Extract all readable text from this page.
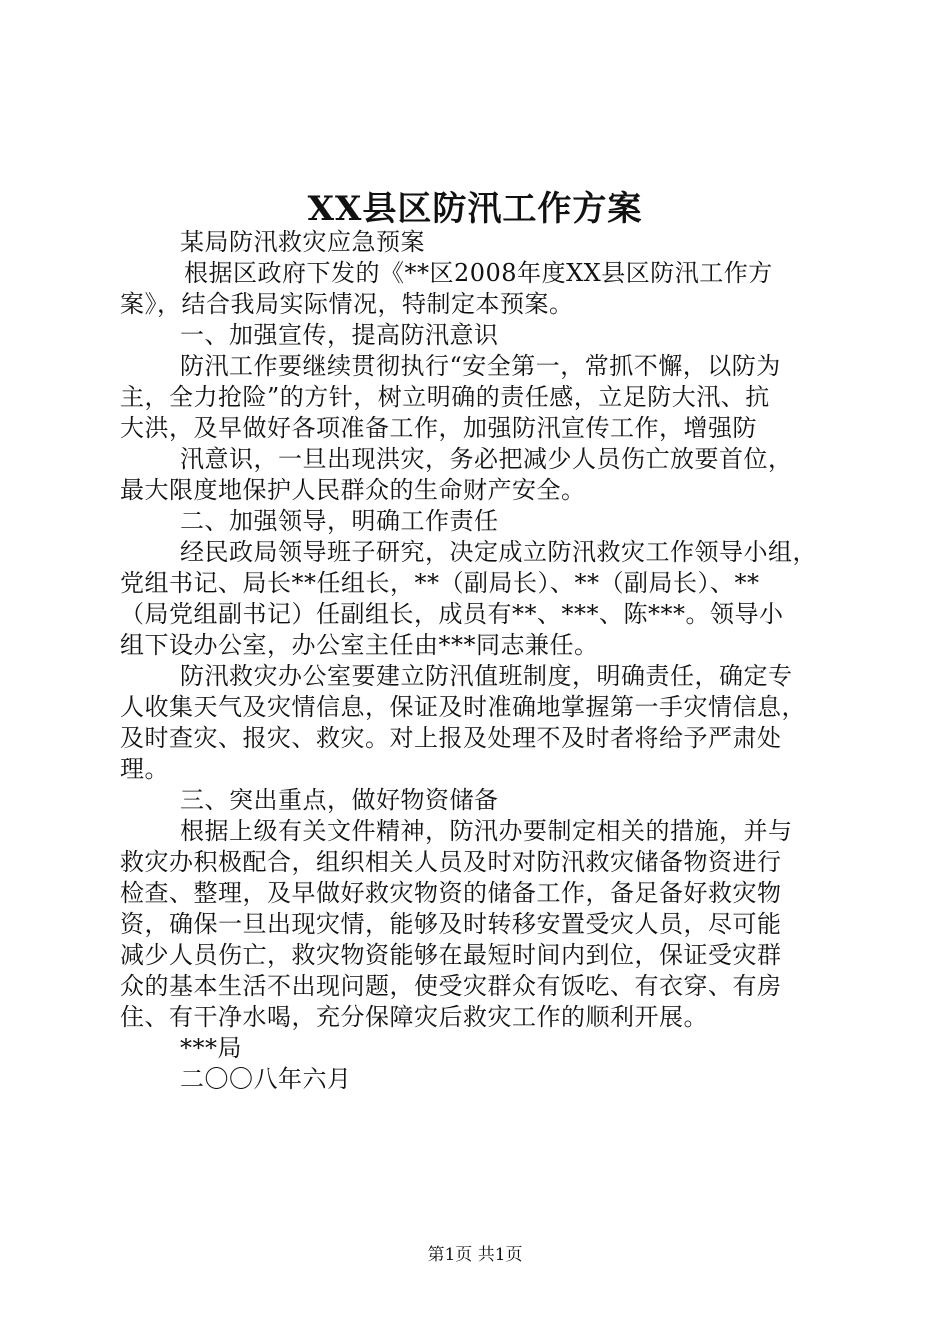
XX县区防汛工作方案
某局防汛救灾应急预案
根据区政府下发的《**区2008年度XX县区防汛工作方
案》，结合我局实际情况，特制定本预案。
一、加强宣传，提高防汛意识
防汛工作要继续贯彻执行“安全第一，常抓不懈，以防为
主，全力抢险”的方针，树立明确的责任感，立足防大汛、抗
大洪，及早做好各项准备工作，加强防汛宣传工作，增强防
汛意识，一旦出现洪灾，务必把减少人员伤亡放要首位，
最大限度地保护人民群众的生命财产安全。
二、加强领导，明确工作责任
经民政局领导班子研究，决定成立防汛救灾工作领导小组，
党组书记、局长**任组长，**（副局长）、**（副局长）、**
（局党组副书记）任副组长，成员有**、***、陈***。领导小
组下设办公室，办公室主任由***同志兼任。
防汛救灾办公室要建立防汛值班制度，明确责任，确定专
人收集天气及灾情信息，保证及时准确地掌握第一手灾情信息，
及时查灾、报灾、救灾。对上报及处理不及时者将给予严肃处
理。
三、突出重点，做好物资储备
根据上级有关文件精神，防汛办要制定相关的措施，并与
救灾办积极配合，组织相关人员及时对防汛救灾储备物资进行
检查、整理，及早做好救灾物资的储备工作，备足备好救灾物
资，确保一旦出现灾情，能够及时转移安置受灾人员，尽可能
减少人员伤亡，救灾物资能够在最短时间内到位，保证受灾群
众的基本生活不出现问题，使受灾群众有饭吃、有衣穿、有房
住、有干净水喝，充分保障灾后救灾工作的顺利开展。
***局
二〇〇八年六月
第1页 共1页
